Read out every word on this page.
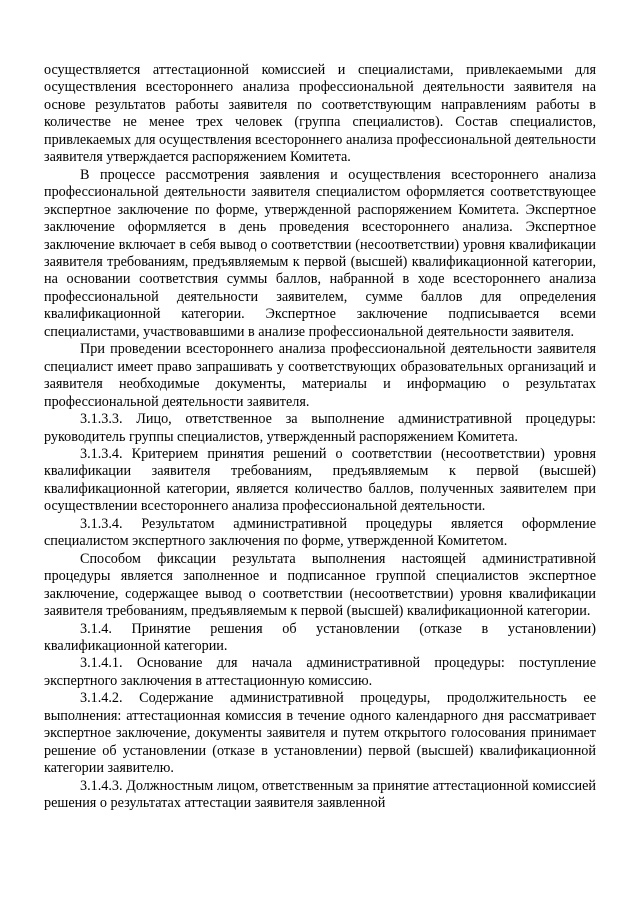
осуществляется аттестационной комиссией и специалистами, привлекаемыми для осуществления всестороннего анализа профессиональной деятельности заявителя на основе результатов работы заявителя по соответствующим направлениям работы в количестве не менее трех человек (группа специалистов). Состав специалистов, привлекаемых для осуществления всестороннего анализа профессиональной деятельности заявителя утверждается распоряжением Комитета.

В процессе рассмотрения заявления и осуществления всестороннего анализа профессиональной деятельности заявителя специалистом оформляется соответствующее экспертное заключение по форме, утвержденной распоряжением Комитета. Экспертное заключение оформляется в день проведения всестороннего анализа. Экспертное заключение включает в себя вывод о соответствии (несоответствии) уровня квалификации заявителя требованиям, предъявляемым к первой (высшей) квалификационной категории, на основании соответствия суммы баллов, набранной в ходе всестороннего анализа профессиональной деятельности заявителем, сумме баллов для определения квалификационной категории. Экспертное заключение подписывается всеми специалистами, участвовавшими в анализе профессиональной деятельности заявителя.

При проведении всестороннего анализа профессиональной деятельности заявителя специалист имеет право запрашивать у соответствующих образовательных организаций и заявителя необходимые документы, материалы и информацию о результатах профессиональной деятельности заявителя.

3.1.3.3. Лицо, ответственное за выполнение административной процедуры: руководитель группы специалистов, утвержденный распоряжением Комитета.

3.1.3.4. Критерием принятия решений о соответствии (несоответствии) уровня квалификации заявителя требованиям, предъявляемым к первой (высшей) квалификационной категории, является количество баллов, полученных заявителем при осуществлении всестороннего анализа профессиональной деятельности.

3.1.3.4. Результатом административной процедуры является оформление специалистом экспертного заключения по форме, утвержденной Комитетом.

Способом фиксации результата выполнения настоящей административной процедуры является заполненное и подписанное группой специалистов экспертное заключение, содержащее вывод о соответствии (несоответствии) уровня квалификации заявителя требованиям, предъявляемым к первой (высшей) квалификационной категории.

3.1.4. Принятие решения об установлении (отказе в установлении) квалификационной категории.

3.1.4.1. Основание для начала административной процедуры: поступление экспертного заключения в аттестационную комиссию.

3.1.4.2. Содержание административной процедуры, продолжительность ее выполнения: аттестационная комиссия в течение одного календарного дня рассматривает экспертное заключение, документы заявителя и путем открытого голосования принимает решение об установлении (отказе в установлении) первой (высшей) квалификационной категории заявителю.

3.1.4.3. Должностным лицом, ответственным за принятие аттестационной комиссией решения о результатах аттестации заявителя заявленной
